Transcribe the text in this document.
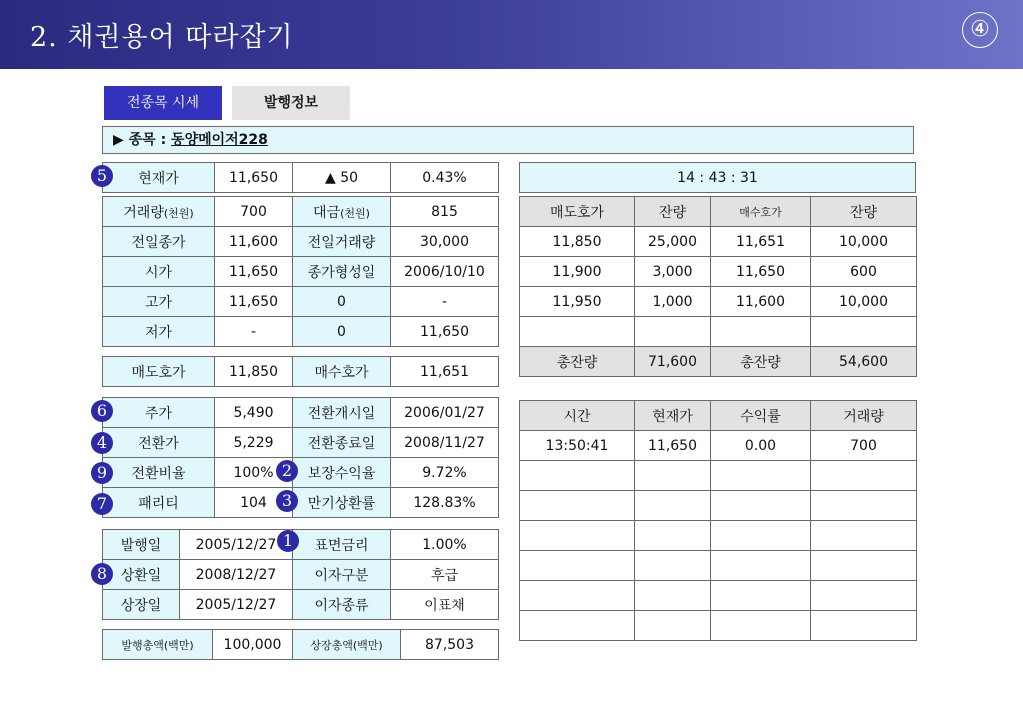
2. 채권용어 따라잡기	④
전종목 시세	발행정보
▶ 종목 : 동양메이저228
현재가	11,650	▲ 50	0.43%
거래량(천원)	700	대금(천원)	815
전일종가	11,600	전일거래량	30,000
시가	11,650	종가형성일	2006/10/10
고가	11,650	0	-
저가	-	0	11,650
매도호가	11,850	매수호가	11,651
주가	5,490	전환개시일	2006/01/27
전환가	5,229	전환종료일	2008/11/27
전환비율	100%	보장수익율	9.72%
패리티	104	만기상환률	128.83%
발행일	2005/12/27	표면금리	1.00%
상환일	2008/12/27	이자구분	후급
상장일	2005/12/27	이자종류	이표채
발행총액(백만)	100,000	상장총액(백만)	87,503
14 : 43 : 31
매도호가	잔량	매수호가	잔량
11,850	25,000	11,651	10,000
11,900	3,000	11,650	600
11,950	1,000	11,600	10,000

총잔량	71,600	총잔량	54,600
시간	현재가	수익률	거래량
13:50:41	11,650	0.00	700

5
6
4
9
7
2
3
1
8
